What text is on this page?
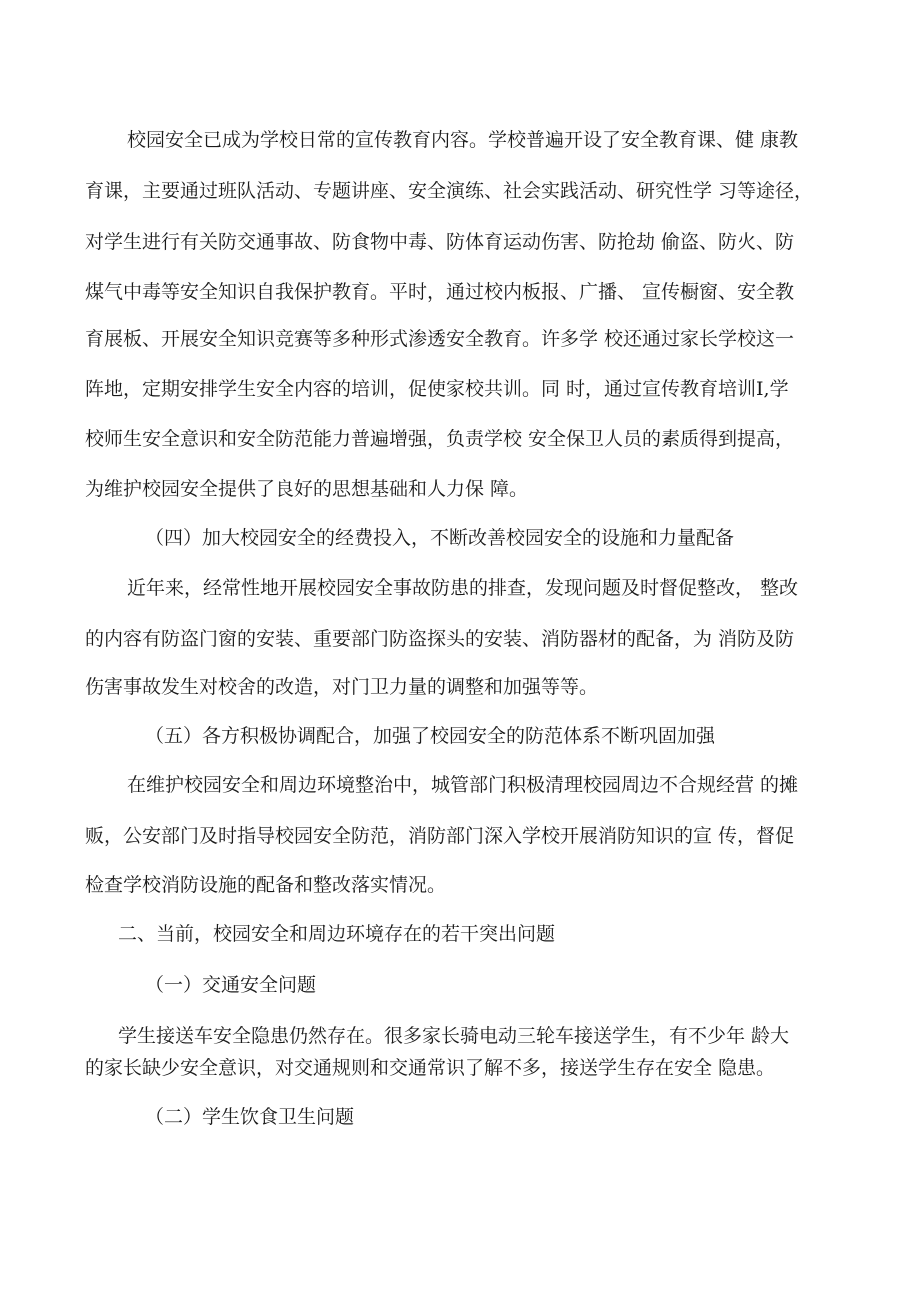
校园安全已成为学校日常的宣传教育内容。学校普遍开设了安全教育课、健 康教
育课，主要通过班队活动、专题讲座、安全演练、社会实践活动、研究性学 习等途径，
对学生进行有关防交通事故、防食物中毒、防体育运动伤害、防抢劫 偷盗、防火、防
煤气中毒等安全知识自我保护教育。平时，通过校内板报、广播、 宣传橱窗、安全教
育展板、开展安全知识竞赛等多种形式渗透安全教育。许多学 校还通过家长学校这一
阵地，定期安排学生安全内容的培训，促使家校共训。同 时，通过宣传教育培训I,学
校师生安全意识和安全防范能力普遍增强，负责学校 安全保卫人员的素质得到提高，
为维护校园安全提供了良好的思想基础和人力保 障。
（四）加大校园安全的经费投入，不断改善校园安全的设施和力量配备
近年来，经常性地开展校园安全事故防患的排查，发现问题及时督促整改， 整改
的内容有防盗门窗的安装、重要部门防盗探头的安装、消防器材的配备，为 消防及防
伤害事故发生对校舍的改造，对门卫力量的调整和加强等等。
（五）各方积极协调配合，加强了校园安全的防范体系不断巩固加强
在维护校园安全和周边环境整治中，城管部门积极清理校园周边不合规经营 的摊
贩，公安部门及时指导校园安全防范，消防部门深入学校开展消防知识的宣 传，督促
检查学校消防设施的配备和整改落实情况。
二、当前，校园安全和周边环境存在的若干突出问题
（一）交通安全问题
学生接送车安全隐患仍然存在。很多家长骑电动三轮车接送学生，有不少年 龄大
的家长缺少安全意识，对交通规则和交通常识了解不多，接送学生存在安全 隐患。
（二）学生饮食卫生问题
